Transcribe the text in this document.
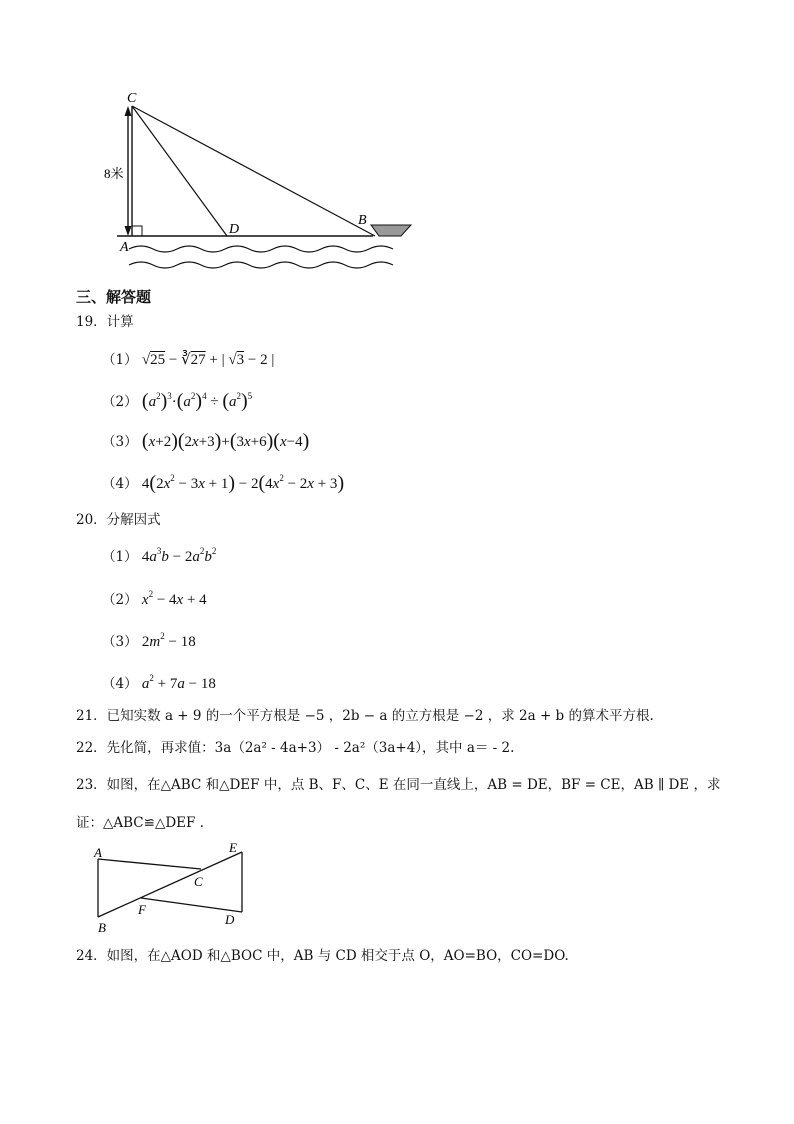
C
A
D
B
8米
三、解答题
19．计算
（1） √25 − ∛27 + | √3 − 2 |
（2） $(a^2)^3\cdot(a^2)^4 \div (a^2)^5$
（3） (x+2)(2x+3)+(3x+6)(x−4)
（4） $4(2x^2 - 3x + 1) - 2(4x^2 - 2x + 3)$
20．分解因式
（1） $4a^3b - 2a^2b^2$
（2） $x^2 - 4x + 4$
（3） $2m^2 - 18$
（4） $a^2 + 7a - 18$
21．已知实数 a + 9 的一个平方根是 −5 ，2b − a 的立方根是 −2 ，求 2a + b 的算术平方根.
22．先化简，再求值：3a（2a² - 4a+3） - 2a²（3a+4），其中 a＝ - 2.
23．如图，在△ABC 和△DEF 中，点 B、F、C、E 在同一直线上，AB = DE，BF = CE，AB ∥ DE ，求
证：△ABC≌△DEF .
A
B
C
D
E
F
24．如图，在△AOD 和△BOC 中，AB 与 CD 相交于点 O，AO=BO，CO=DO.
